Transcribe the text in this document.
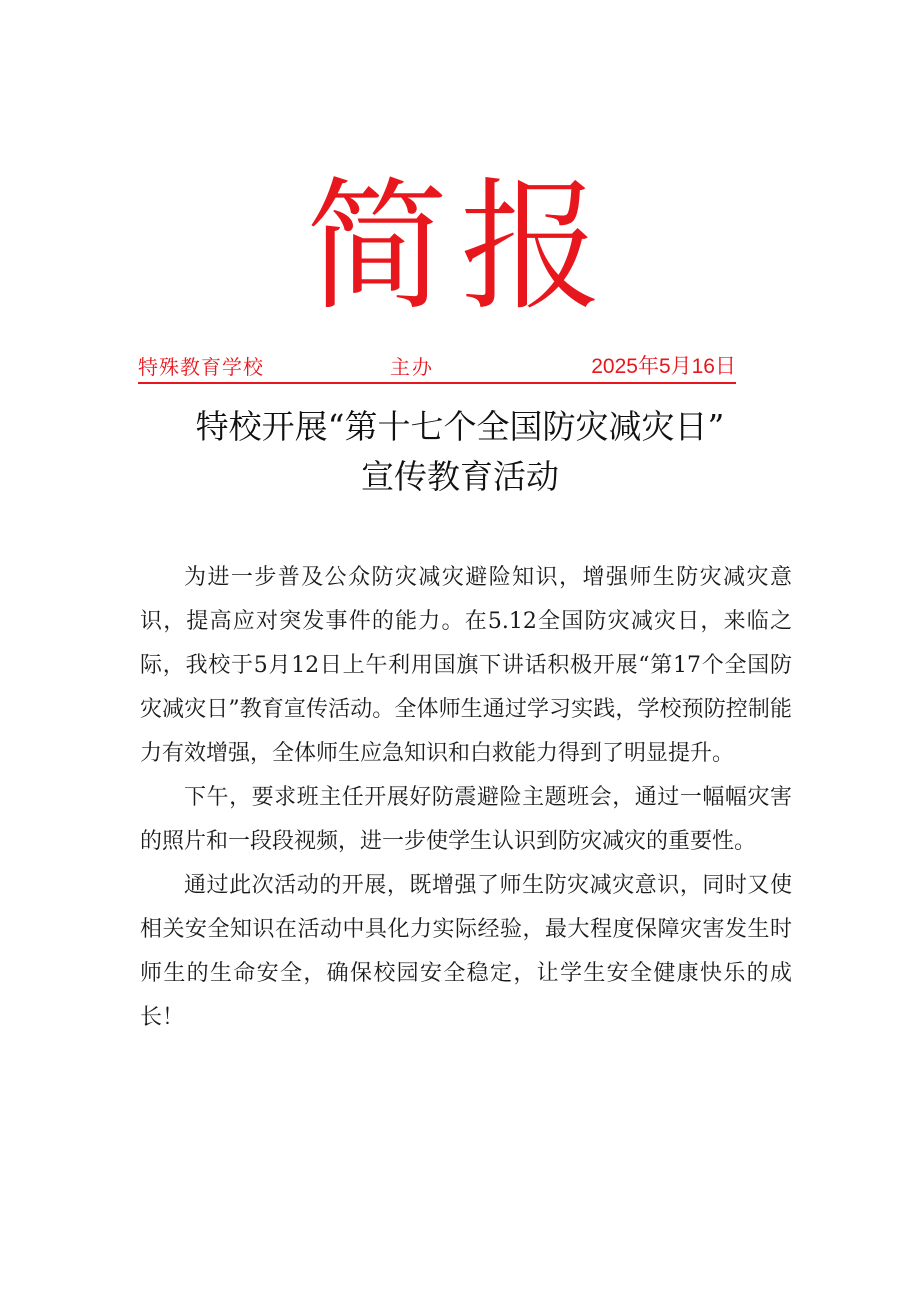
简报
特殊教育学校	主办	2025年5月16日
特校开展“第十七个全国防灾减灾日”
宣传教育活动

为进一步普及公众防灾减灾避险知识，增强师生防灾减灾意识，提高应对突发事件的能力。在5.12全国防灾减灾日，来临之际，我校于5月12日上午利用国旗下讲话积极开展“第17个全国防灾减灾日”教育宣传活动。全体师生通过学习实践，学校预防控制能力有效增强，全体师生应急知识和白救能力得到了明显提升。

下午，要求班主任开展好防震避险主题班会，通过一幅幅灾害的照片和一段段视频，进一步使学生认识到防灾减灾的重要性。

通过此次活动的开展，既增强了师生防灾减灾意识，同时又使相关安全知识在活动中具化力实际经验，最大程度保障灾害发生时师生的生命安全，确保校园安全稳定，让学生安全健康快乐的成长！
